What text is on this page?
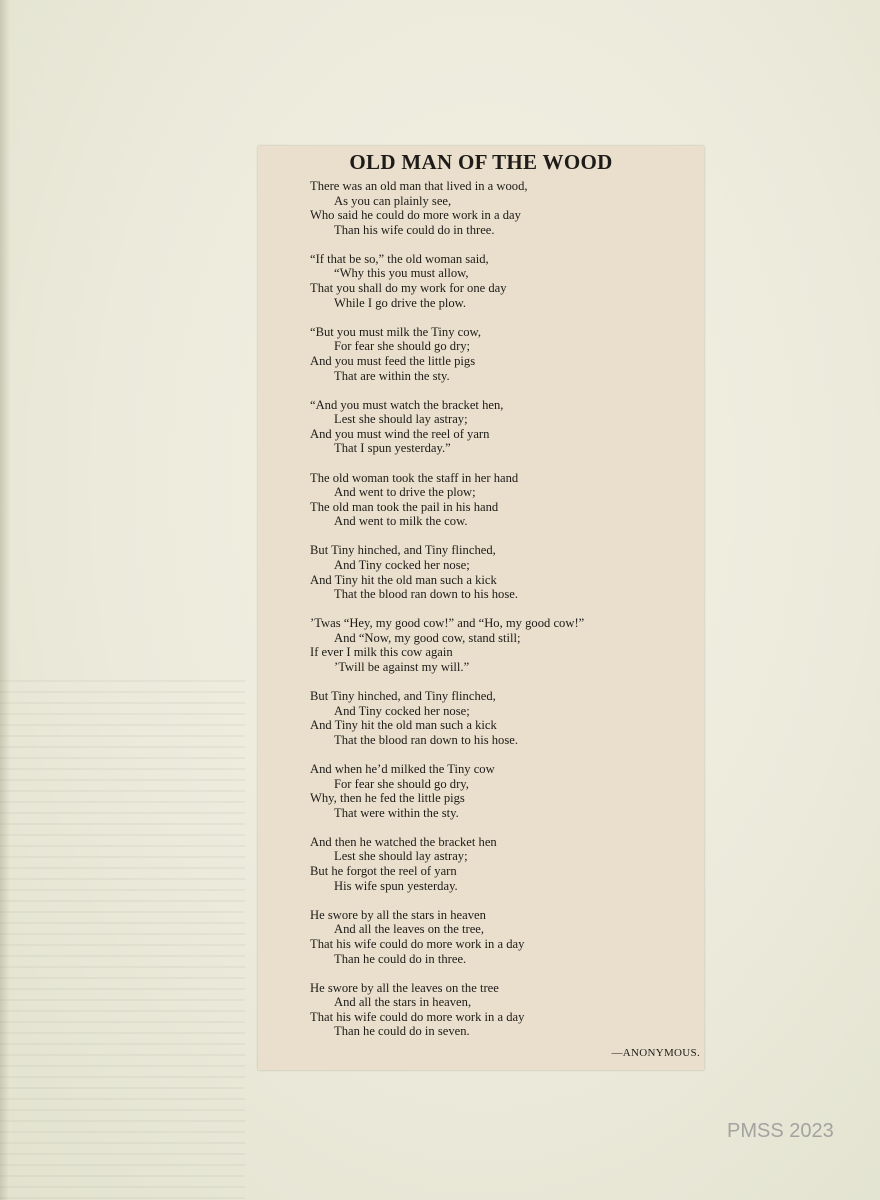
OLD MAN OF THE WOOD
There was an old man that lived in a wood,
As you can plainly see,
Who said he could do more work in a day
Than his wife could do in three.
“If that be so,” the old woman said,
“Why this you must allow,
That you shall do my work for one day
While I go drive the plow.
“But you must milk the Tiny cow,
For fear she should go dry;
And you must feed the little pigs
That are within the sty.
“And you must watch the bracket hen,
Lest she should lay astray;
And you must wind the reel of yarn
That I spun yesterday.”
The old woman took the staff in her hand
And went to drive the plow;
The old man took the pail in his hand
And went to milk the cow.
But Tiny hinched, and Tiny flinched,
And Tiny cocked her nose;
And Tiny hit the old man such a kick
That the blood ran down to his hose.
’Twas “Hey, my good cow!” and “Ho, my good cow!”
And “Now, my good cow, stand still;
If ever I milk this cow again
’Twill be against my will.”
But Tiny hinched, and Tiny flinched,
And Tiny cocked her nose;
And Tiny hit the old man such a kick
That the blood ran down to his hose.
And when he’d milked the Tiny cow
For fear she should go dry,
Why, then he fed the little pigs
That were within the sty.
And then he watched the bracket hen
Lest she should lay astray;
But he forgot the reel of yarn
His wife spun yesterday.
He swore by all the stars in heaven
And all the leaves on the tree,
That his wife could do more work in a day
Than he could do in three.
He swore by all the leaves on the tree
And all the stars in heaven,
That his wife could do more work in a day
Than he could do in seven.
—ANONYMOUS.
PMSS 2023
